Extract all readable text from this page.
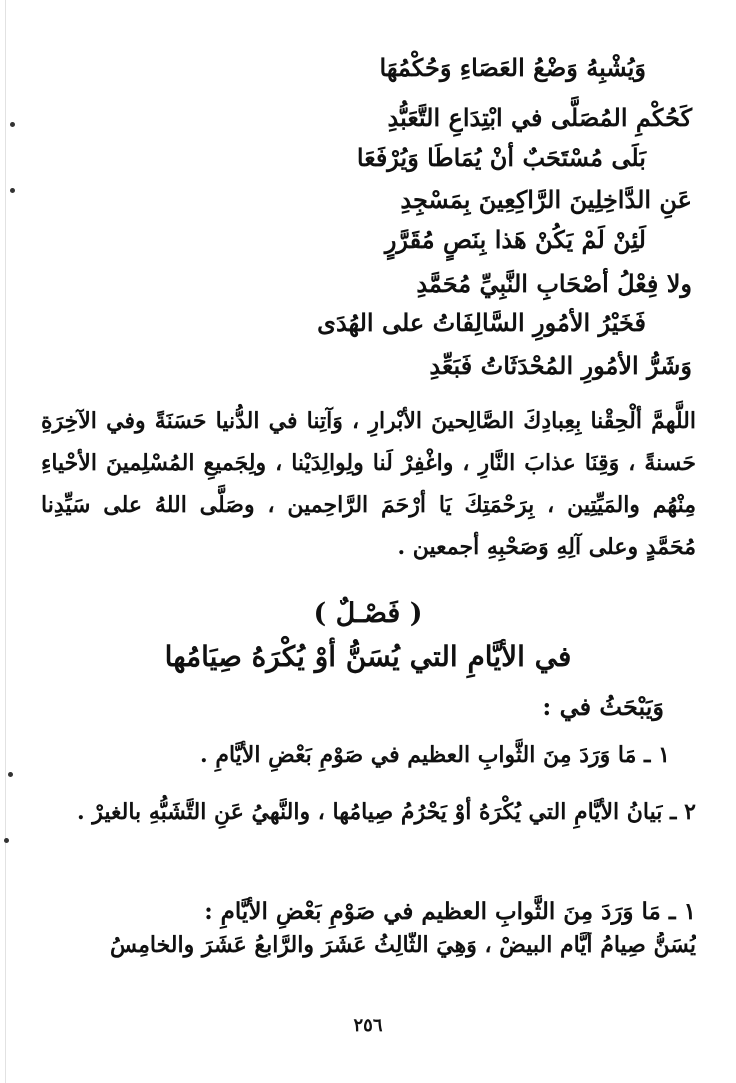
وَيُشْبِهُ وَضْعُ العَصَاءِ وَحُكْمُهَا
كَحُكْمِ المُصَلَّى في ابْتِدَاعِ التَّعَبُّدِ
بَلَى مُسْتَحَبٌ أنْ يُمَاطَا وَيُرْفَعَا
عَنِ الدَّاخِلِينَ الرَّاكِعِينَ بِمَسْجِدِ
لَئِنْ لَمْ يَكُنْ هَذا بِنَصٍ مُقَرَّرٍ
ولا فِعْلُ أصْحَابِ النَّبِيِّ مُحَمَّدِ
فَخَيْرُ الأمُورِ السَّالِفَاتُ على الهُدَى
وَشَرُّ الأمُورِ المُحْدَثَاتُ فَبَعِّدِ
اللَّهمَّ ألْحِقْنا بِعِبادِكَ الصَّالِحينَ الأبْرارِ ، وَآتِنا في الدُّنيا حَسَنَةً وفي الآخِرَةِ حَسنةً ، وَقِنَا عذابَ النَّارِ ، واغْفِرْ لَنا ولِوالِدَيْنا ، ولِجَميعِ المُسْلِمينَ الأحْياءِ مِنْهُم والمَيِّتِين ، بِرَحْمَتِكَ يَا أرْحَمَ الرَّاحِمين ، وصَلَّى اللهُ على سَيِّدِنا مُحَمَّدٍ وعلى آلِهِ وَصَحْبِهِ أجمعين .
( فَصْـلٌ )
في الأيَّامِ التي يُسَنُّ أوْ يُكْرَهُ صِيَامُها
وَيَبْحَثُ في :
١ ـ مَا وَرَدَ مِنَ الثَّوابِ العظيم في صَوْمِ بَعْضِ الأيَّامِ .
٢ ـ بَيانُ الأيَّامِ التي يُكْرَهُ أوْ يَحْرُمُ صِيامُها ، والنَّهيُ عَنِ التَّشَبُّهِ بالغيرْ .
١ ـ مَا وَرَدَ مِنَ الثَّوابِ العظيم في صَوْمِ بَعْضِ الأيَّامِ :
يُسَنُّ صِيامُ أيَّامِ البيضْ ، وَهِيَ الثَّالِثُ عَشَرَ والرَّابعُ عَشَرَ والخامِسُ
٢٥٦
